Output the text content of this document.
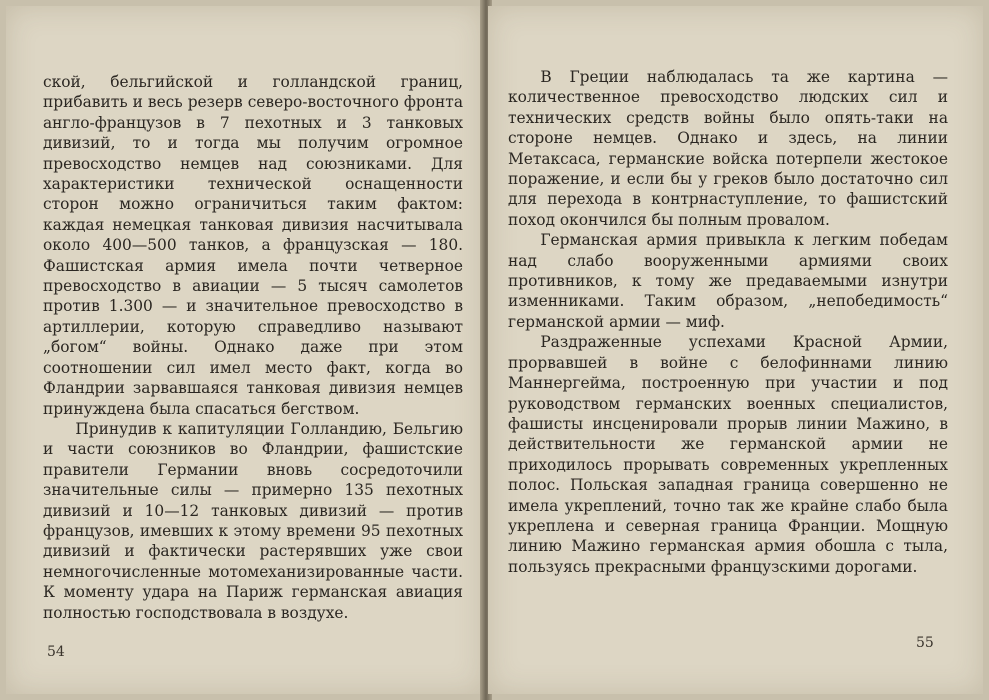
ской, бельгийской и голландской границ, прибавить и весь резерв северо-восточного фронта англо-французов в 7 пехотных и 3 танковых дивизий, то и тогда мы получим огромное превосходство немцев над союзниками. Для характеристики технической оснащенности сторон можно ограничиться таким фактом: каждая немецкая танковая дивизия насчитывала около 400—500 танков, а французская — 180. Фашистская армия имела почти четверное превосходство в авиации — 5 тысяч самолетов против 1.300 — и значительное превосходство в артиллерии, которую справедливо называют „богом“ войны. Однако даже при этом соотношении сил имел место факт, когда во Фландрии зарвавшаяся танковая дивизия немцев принуждена была спасаться бегством.

Принудив к капитуляции Голландию, Бельгию и части союзников во Фландрии, фашистские правители Германии вновь сосредоточили значительные силы — примерно 135 пехотных дивизий и 10—12 танковых дивизий — против французов, имевших к этому времени 95 пехотных дивизий и фактически растерявших уже свои немногочисленные мотомеханизированные части. К моменту удара на Париж германская авиация полностью господствовала в воздухе.

54

В Греции наблюдалась та же картина — количественное превосходство людских сил и технических средств войны было опять-таки на стороне немцев. Однако и здесь, на линии Метаксаса, германские войска потерпели жестокое поражение, и если бы у греков было достаточно сил для перехода в контрнаступление, то фашистский поход окончился бы полным провалом.

Германская армия привыкла к легким победам над слабо вооруженными армиями своих противников, к тому же предаваемыми изнутри изменниками. Таким образом, „непобедимость“ германской армии — миф.

Раздраженные успехами Красной Армии, прорвавшей в войне с белофиннами линию Маннергейма, построенную при участии и под руководством германских военных специалистов, фашисты инсценировали прорыв линии Мажино, в действительности же германской армии не приходилось прорывать современных укрепленных полос. Польская западная граница совершенно не имела укреплений, точно так же крайне слабо была укреплена и северная граница Франции. Мощную линию Мажино германская армия обошла с тыла, пользуясь прекрасными французскими дорогами.

55
